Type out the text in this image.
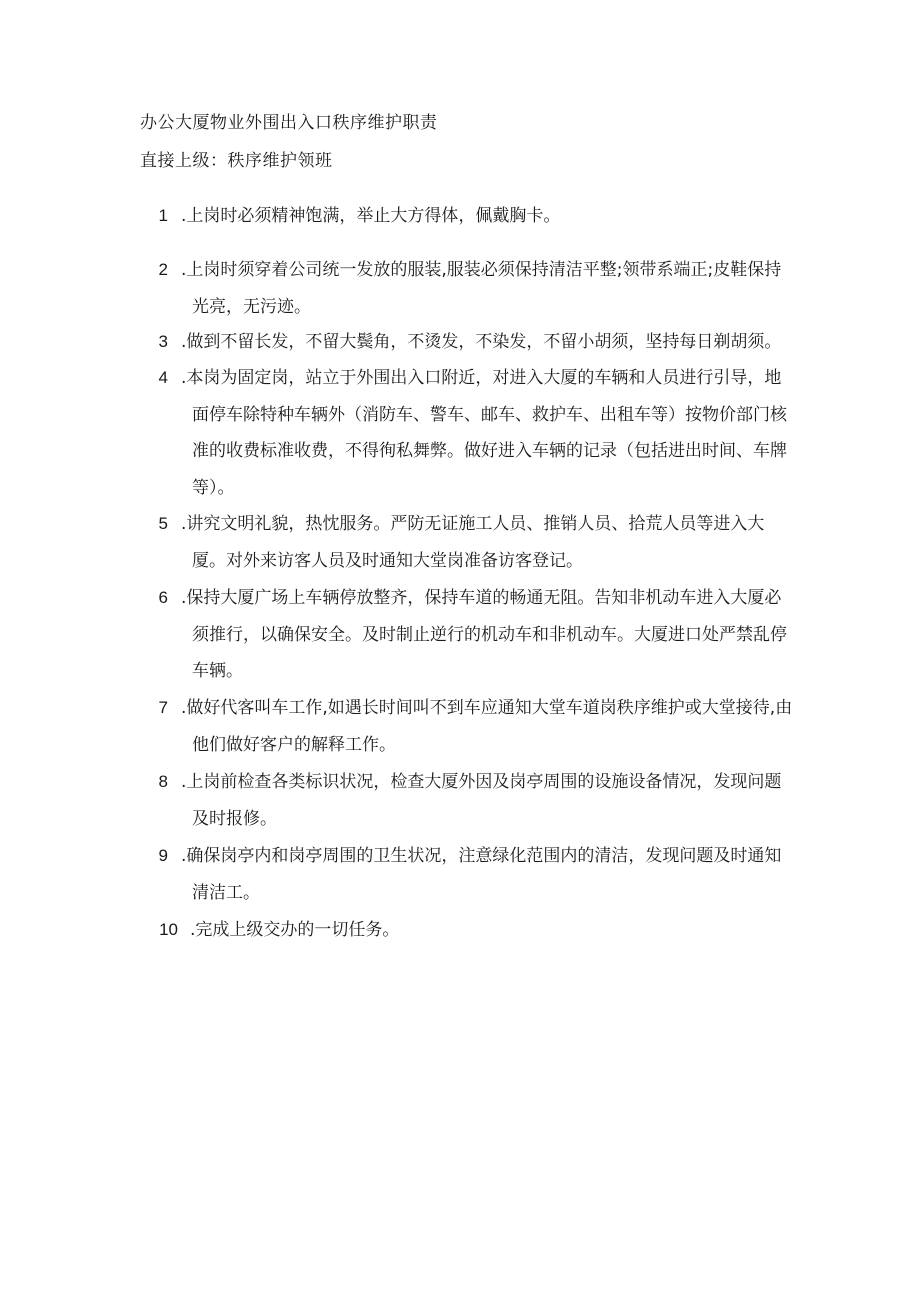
办公大厦物业外围出入口秩序维护职责
直接上级：秩序维护领班
1 .上岗时必须精神饱满，举止大方得体，佩戴胸卡。
2 .上岗时须穿着公司统一发放的服装,服装必须保持清洁平整;领带系端正;皮鞋保持光亮，无污迹。
3 .做到不留长发，不留大鬓角，不烫发，不染发，不留小胡须，坚持每日剃胡须。
4 .本岗为固定岗，站立于外围出入口附近，对进入大厦的车辆和人员进行引导，地面停车除特种车辆外（消防车、警车、邮车、救护车、出租车等）按物价部门核准的收费标准收费，不得徇私舞弊。做好进入车辆的记录（包括进出时间、车牌等）。
5 .讲究文明礼貌，热忱服务。严防无证施工人员、推销人员、拾荒人员等进入大厦。对外来访客人员及时通知大堂岗准备访客登记。
6 .保持大厦广场上车辆停放整齐，保持车道的畅通无阻。告知非机动车进入大厦必须推行，以确保安全。及时制止逆行的机动车和非机动车。大厦进口处严禁乱停车辆。
7 .做好代客叫车工作,如遇长时间叫不到车应通知大堂车道岗秩序维护或大堂接待,由他们做好客户的解释工作。
8 .上岗前检查各类标识状况，检查大厦外因及岗亭周围的设施设备情况，发现问题及时报修。
9 .确保岗亭内和岗亭周围的卫生状况，注意绿化范围内的清洁，发现问题及时通知清洁工。
10 .完成上级交办的一切任务。
